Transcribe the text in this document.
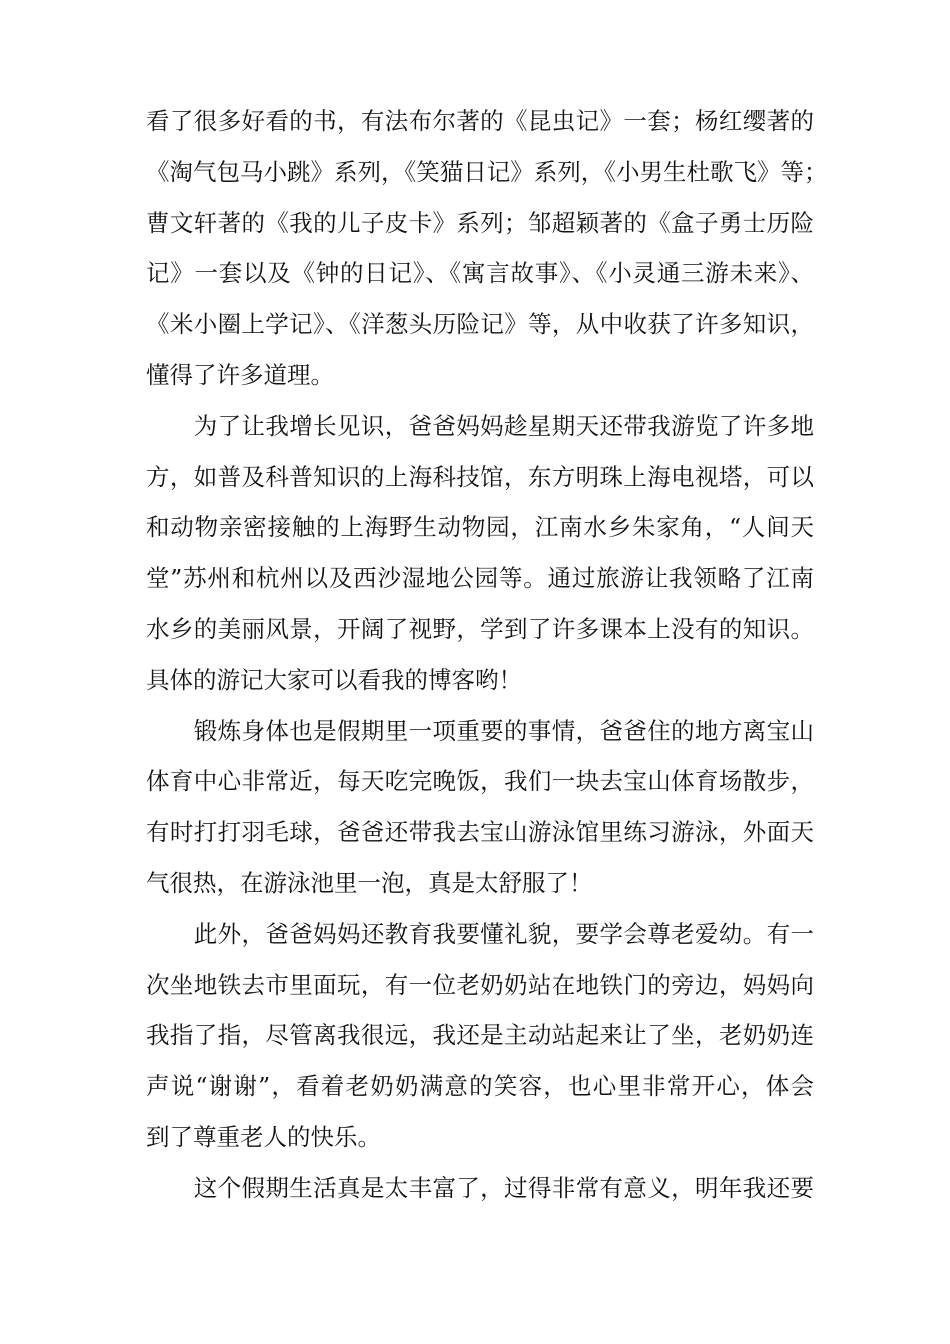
看了很多好看的书，有法布尔著的《昆虫记》一套；杨红缨著的
《淘气包马小跳》系列，《笑猫日记》系列，《小男生杜歌飞》等；
曹文轩著的《我的儿子皮卡》系列；邹超颖著的《盒子勇士历险
记》一套以及《钟的日记》、《寓言故事》、《小灵通三游未来》、
《米小圈上学记》、《洋葱头历险记》等，从中收获了许多知识，
懂得了许多道理。
　　为了让我增长见识，爸爸妈妈趁星期天还带我游览了许多地
方，如普及科普知识的上海科技馆，东方明珠上海电视塔，可以
和动物亲密接触的上海野生动物园，江南水乡朱家角，“人间天
堂”苏州和杭州以及西沙湿地公园等。通过旅游让我领略了江南
水乡的美丽风景，开阔了视野，学到了许多课本上没有的知识。
具体的游记大家可以看我的博客哟！
　　锻炼身体也是假期里一项重要的事情，爸爸住的地方离宝山
体育中心非常近，每天吃完晚饭，我们一块去宝山体育场散步，
有时打打羽毛球，爸爸还带我去宝山游泳馆里练习游泳，外面天
气很热，在游泳池里一泡，真是太舒服了！
　　此外，爸爸妈妈还教育我要懂礼貌，要学会尊老爱幼。有一
次坐地铁去市里面玩，有一位老奶奶站在地铁门的旁边，妈妈向
我指了指，尽管离我很远，我还是主动站起来让了坐，老奶奶连
声说“谢谢”，看着老奶奶满意的笑容，也心里非常开心，体会
到了尊重老人的快乐。
　　这个假期生活真是太丰富了，过得非常有意义，明年我还要
